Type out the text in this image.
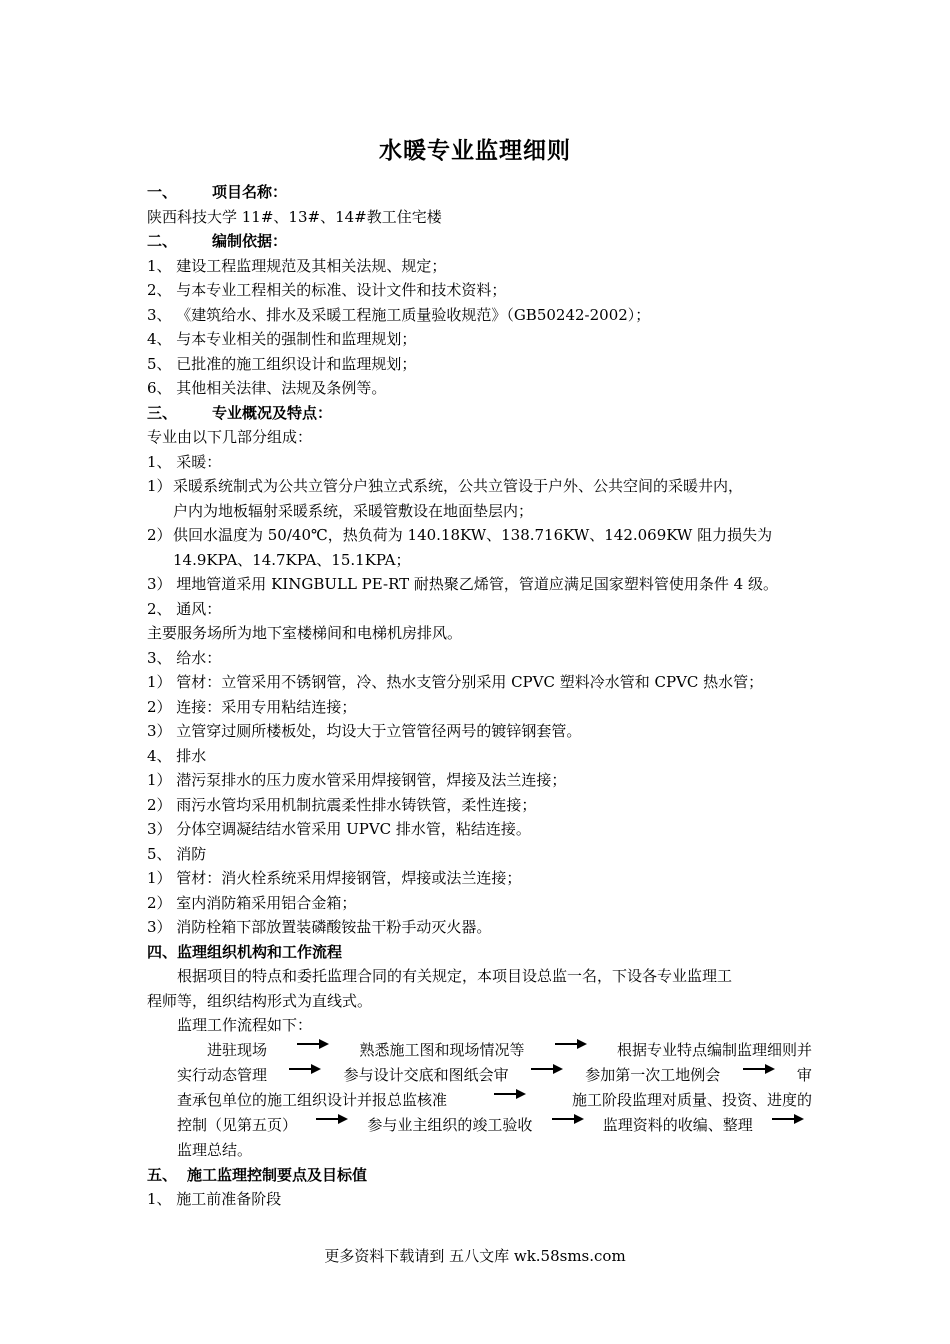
水暖专业监理细则
一、 项目名称：
陕西科技大学 11#、13#、14#教工住宅楼
二、 编制依据：
1、 建设工程监理规范及其相关法规、规定；
2、 与本专业工程相关的标准、设计文件和技术资料；
3、 《建筑给水、排水及采暖工程施工质量验收规范》（GB50242-2002）；
4、 与本专业相关的强制性和监理规划；
5、 已批准的施工组织设计和监理规划；
6、 其他相关法律、法规及条例等。
三、 专业概况及特点：
专业由以下几部分组成：
1、 采暖：
1）采暖系统制式为公共立管分户独立式系统，公共立管设于户外、公共空间的采暖井内，
户内为地板辐射采暖系统，采暖管敷设在地面垫层内；
2）供回水温度为 50/40℃，热负荷为 140.18KW、138.716KW、142.069KW 阻力损失为
14.9KPA、14.7KPA、15.1KPA；
3） 埋地管道采用 KINGBULL PE-RT 耐热聚乙烯管，管道应满足国家塑料管使用条件 4 级。
2、 通风：
主要服务场所为地下室楼梯间和电梯机房排风。
3、 给水：
1） 管材：立管采用不锈钢管，冷、热水支管分别采用 CPVC 塑料冷水管和 CPVC 热水管；
2） 连接：采用专用粘结连接；
3） 立管穿过厕所楼板处，均设大于立管管径两号的镀锌钢套管。
4、 排水
1） 潜污泵排水的压力废水管采用焊接钢管，焊接及法兰连接；
2） 雨污水管均采用机制抗震柔性排水铸铁管，柔性连接；
3） 分体空调凝结结水管采用 UPVC 排水管，粘结连接。
5、 消防
1） 管材：消火栓系统采用焊接钢管，焊接或法兰连接；
2） 室内消防箱采用铝合金箱；
3） 消防栓箱下部放置装磷酸铵盐干粉手动灭火器。
四、监理组织机构和工作流程
根据项目的特点和委托监理合同的有关规定，本项目设总监一名，下设各专业监理工
程师等，组织结构形式为直线式。
监理工作流程如下：
进驻现场	熟悉施工图和现场情况等	根据专业特点编制监理细则并
实行动态管理	参与设计交底和图纸会审	参加第一次工地例会	审
查承包单位的施工组织设计并报总监核准	施工阶段监理对质量、投资、进度的
控制（见第五页）	参与业主组织的竣工验收	监理资料的收编、整理
监理总结。
五、 施工监理控制要点及目标值
1、 施工前准备阶段
更多资料下载请到 五八文库 wk.58sms.com
